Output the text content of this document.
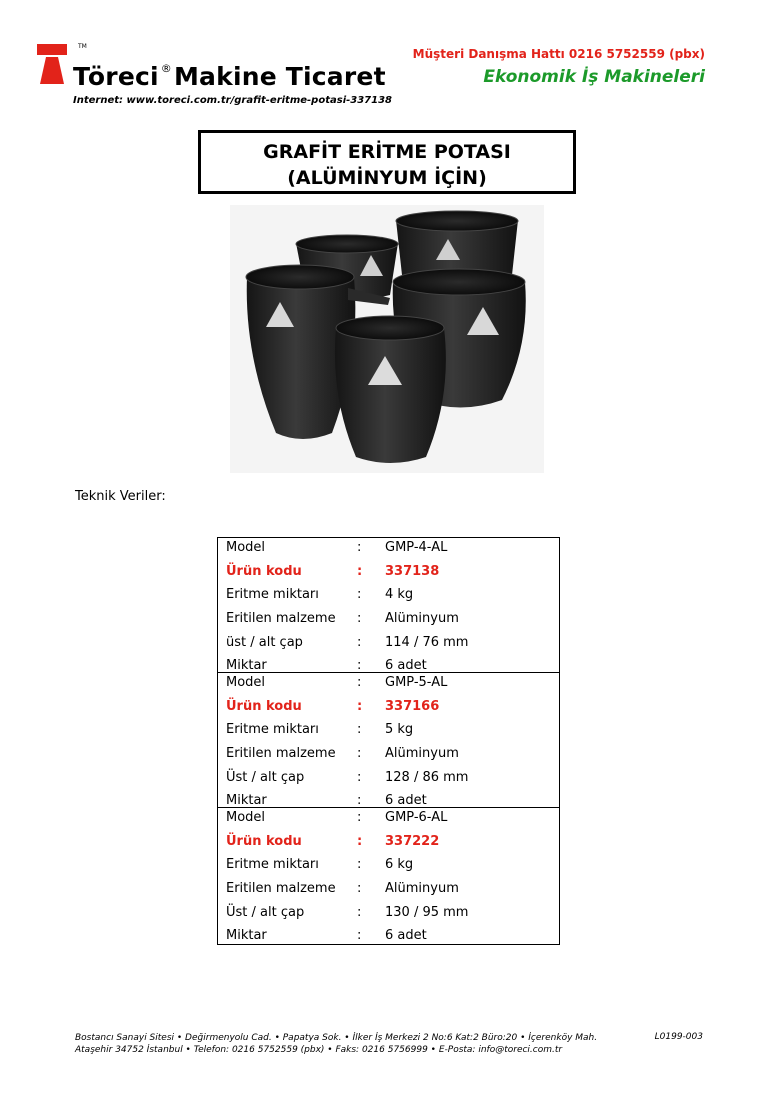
TM
Töreci ®Makine Ticaret
Internet: www.toreci.com.tr/grafit-eritme-potasi-337138
Müşteri Danışma Hattı 0216 5752559 (pbx)
Ekonomik İş Makineleri
GRAFİT ERİTME POTASI
(ALÜMİNYUM İÇİN)
Teknik Veriler:
Model	: GMP-4-AL
Ürün kodu	: 337138
Eritme miktarı	: 4 kg
Eritilen malzeme : Alüminyum
üst / alt çap	: 114 / 76 mm
Miktar	: 6 adet
Model	: GMP-5-AL
Ürün kodu	: 337166
Eritme miktarı	: 5 kg
Eritilen malzeme : Alüminyum
Üst / alt çap	: 128 / 86 mm
Miktar	: 6 adet
Model	: GMP-6-AL
Ürün kodu	: 337222
Eritme miktarı	: 6 kg
Eritilen malzeme : Alüminyum
Üst / alt çap	: 130 / 95 mm
Miktar	: 6 adet
Bostancı Sanayi Sitesi • Değirmenyolu Cad. • Papatya Sok. • İlker İş Merkezi 2 No:6 Kat:2 Büro:20 • İçerenköy Mah.
Ataşehir 34752 İstanbul • Telefon: 0216 5752559 (pbx) • Faks: 0216 5756999 • E-Posta: info@toreci.com.tr
L0199-003
